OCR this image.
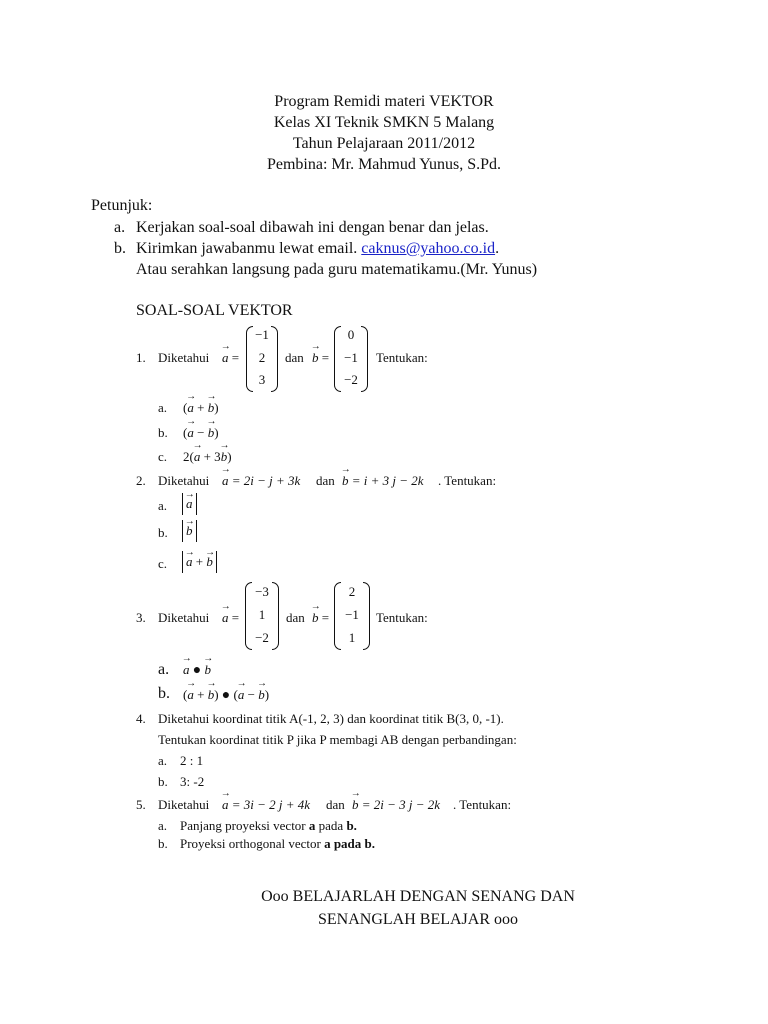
Program Remidi materi VEKTOR
Kelas XI Teknik SMKN 5 Malang
Tahun Pelajaraan 2011/2012
Pembina: Mr. Mahmud Yunus, S.Pd.
Petunjuk:
a. Kerjakan soal-soal dibawah ini dengan benar dan jelas.
b. Kirimkan jawabanmu lewat email. caknus@yahoo.co.id.
Atau serahkan langsung pada guru matematikamu.(Mr. Yunus)
SOAL-SOAL VEKTOR
1. Diketahui a → =
−1
2
3
dan b → =
0
−1
−2
Tentukan:
a. (a → + b →)
b. (a → − b →)
c. 2(a → + 3b →)
2. Diketahui a → = 2i − j + 3k dan b → = i + 3 j − 2k . Tentukan:
a.	a →
b.	b →
c.	a → + b →
3. Diketahui a → =
−3
1
−2
dan b → =
2
−1
1
Tentukan:
a. a → ● b →
b. (a → + b →) ● (a → − b →)
4. Diketahui koordinat titik A(-1, 2, 3) dan koordinat titik B(3, 0, -1).
Tentukan koordinat titik P jika P membagi AB dengan perbandingan:
a. 2 : 1
b. 3: -2
5. Diketahui a → = 3i − 2 j + 4k dan b → = 2i − 3 j − 2k . Tentukan:
a. Panjang proyeksi vector a pada b.
b. Proyeksi orthogonal vector a pada b.
Ooo BELAJARLAH DENGAN SENANG DAN
SENANGLAH BELAJAR ooo
